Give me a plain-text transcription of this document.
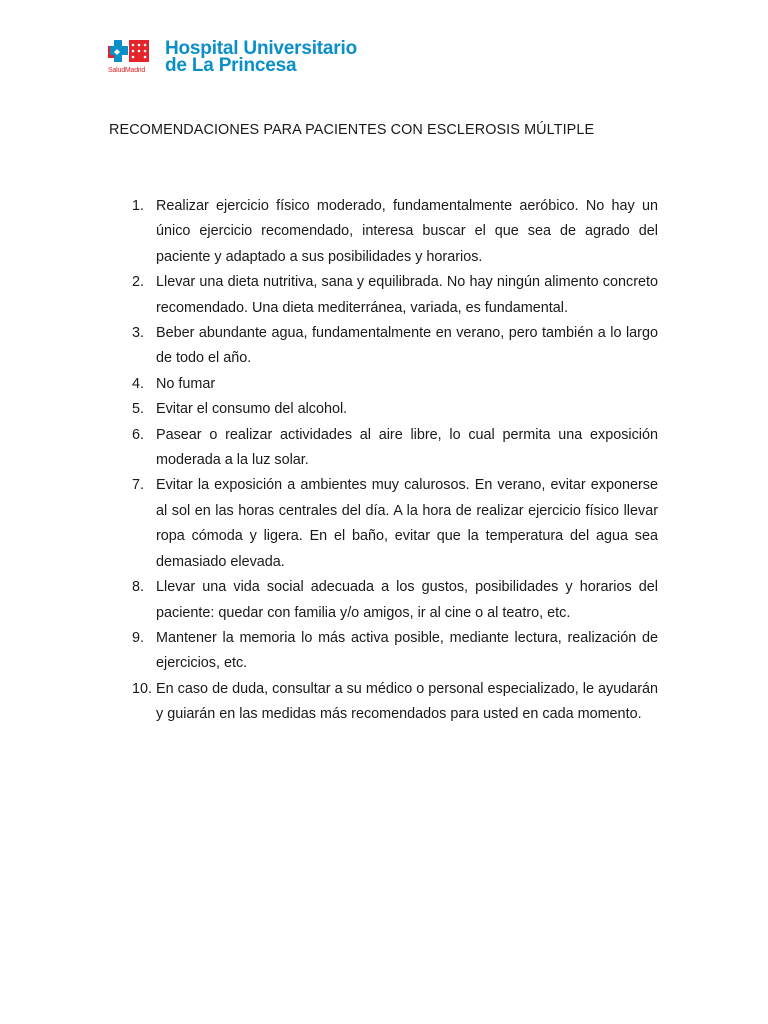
SaludMadrid
Hospital Universitario
de La Princesa
RECOMENDACIONES PARA PACIENTES CON ESCLEROSIS MÚLTIPLE
1. Realizar ejercicio físico moderado, fundamentalmente aeróbico. No hay un único ejercicio recomendado, interesa buscar el que sea de agrado del paciente y adaptado a sus posibilidades y horarios.
2. Llevar una dieta nutritiva, sana y equilibrada. No hay ningún alimento concreto recomendado. Una dieta mediterránea, variada, es fundamental.
3. Beber abundante agua, fundamentalmente en verano, pero también a lo largo de todo el año.
4. No fumar
5. Evitar el consumo del alcohol.
6. Pasear o realizar actividades al aire libre, lo cual permita una exposición moderada a la luz solar.
7. Evitar la exposición a ambientes muy calurosos. En verano, evitar exponerse al sol en las horas centrales del día. A la hora de realizar ejercicio físico llevar ropa cómoda y ligera. En el baño, evitar que la temperatura del agua sea demasiado elevada.
8. Llevar una vida social adecuada a los gustos, posibilidades y horarios del paciente: quedar con familia y/o amigos, ir al cine o al teatro, etc.
9. Mantener la memoria lo más activa posible, mediante lectura, realización de ejercicios, etc.
10. En caso de duda, consultar a su médico o personal especializado, le ayudarán y guiarán en las medidas más recomendados para usted en cada momento.
